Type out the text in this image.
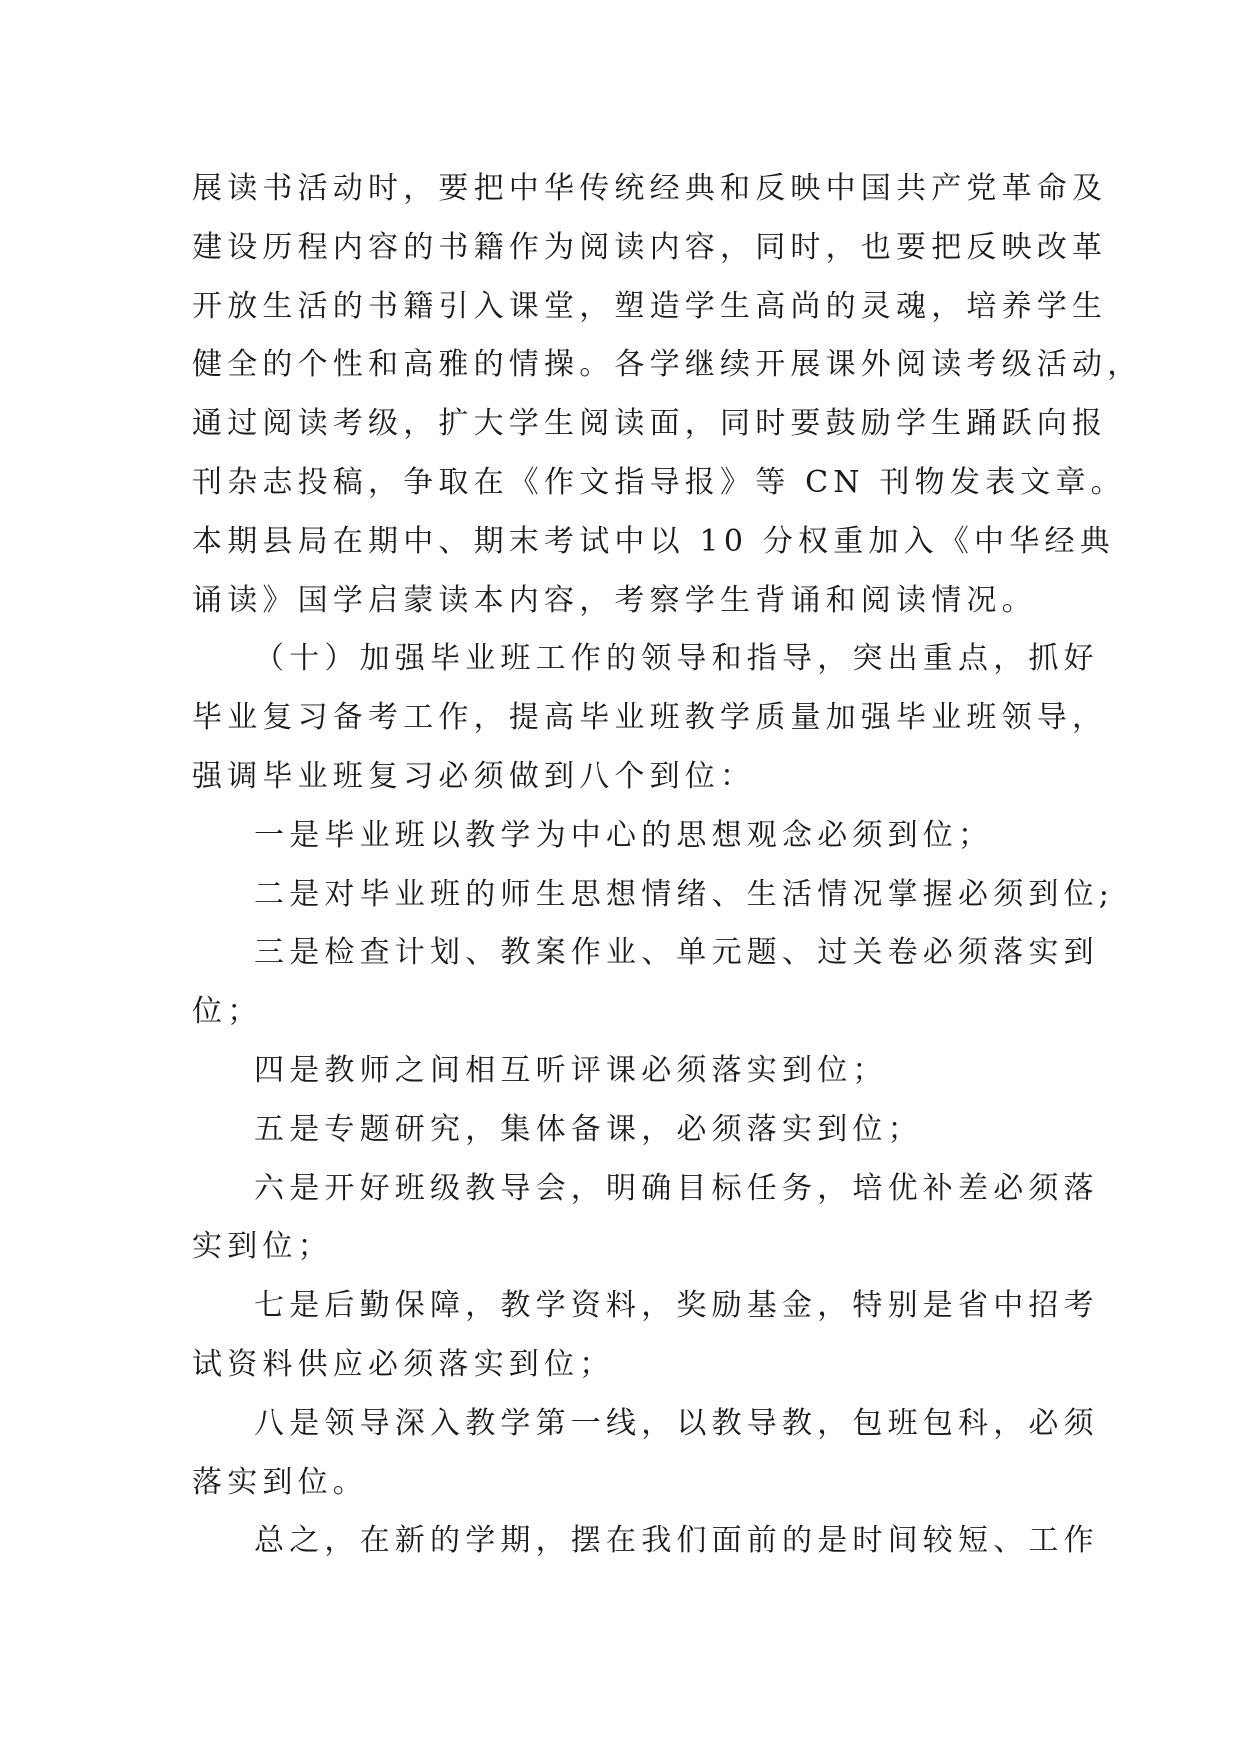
展读书活动时，要把中华传统经典和反映中国共产党革命及
建设历程内容的书籍作为阅读内容，同时，也要把反映改革
开放生活的书籍引入课堂，塑造学生高尚的灵魂，培养学生
健全的个性和高雅的情操。各学继续开展课外阅读考级活动，
通过阅读考级，扩大学生阅读面，同时要鼓励学生踊跃向报
刊杂志投稿，争取在《作文指导报》等 CN 刊物发表文章。
本期县局在期中、期末考试中以 10 分权重加入《中华经典
诵读》国学启蒙读本内容，考察学生背诵和阅读情况。
（十）加强毕业班工作的领导和指导，突出重点，抓好
毕业复习备考工作，提高毕业班教学质量加强毕业班领导，
强调毕业班复习必须做到八个到位：
一是毕业班以教学为中心的思想观念必须到位；
二是对毕业班的师生思想情绪、生活情况掌握必须到位;
三是检查计划、教案作业、单元题、过关卷必须落实到
位；
四是教师之间相互听评课必须落实到位；
五是专题研究，集体备课，必须落实到位；
六是开好班级教导会，明确目标任务，培优补差必须落
实到位；
七是后勤保障，教学资料，奖励基金，特别是省中招考
试资料供应必须落实到位；
八是领导深入教学第一线，以教导教，包班包科，必须
落实到位。
总之，在新的学期，摆在我们面前的是时间较短、工作
